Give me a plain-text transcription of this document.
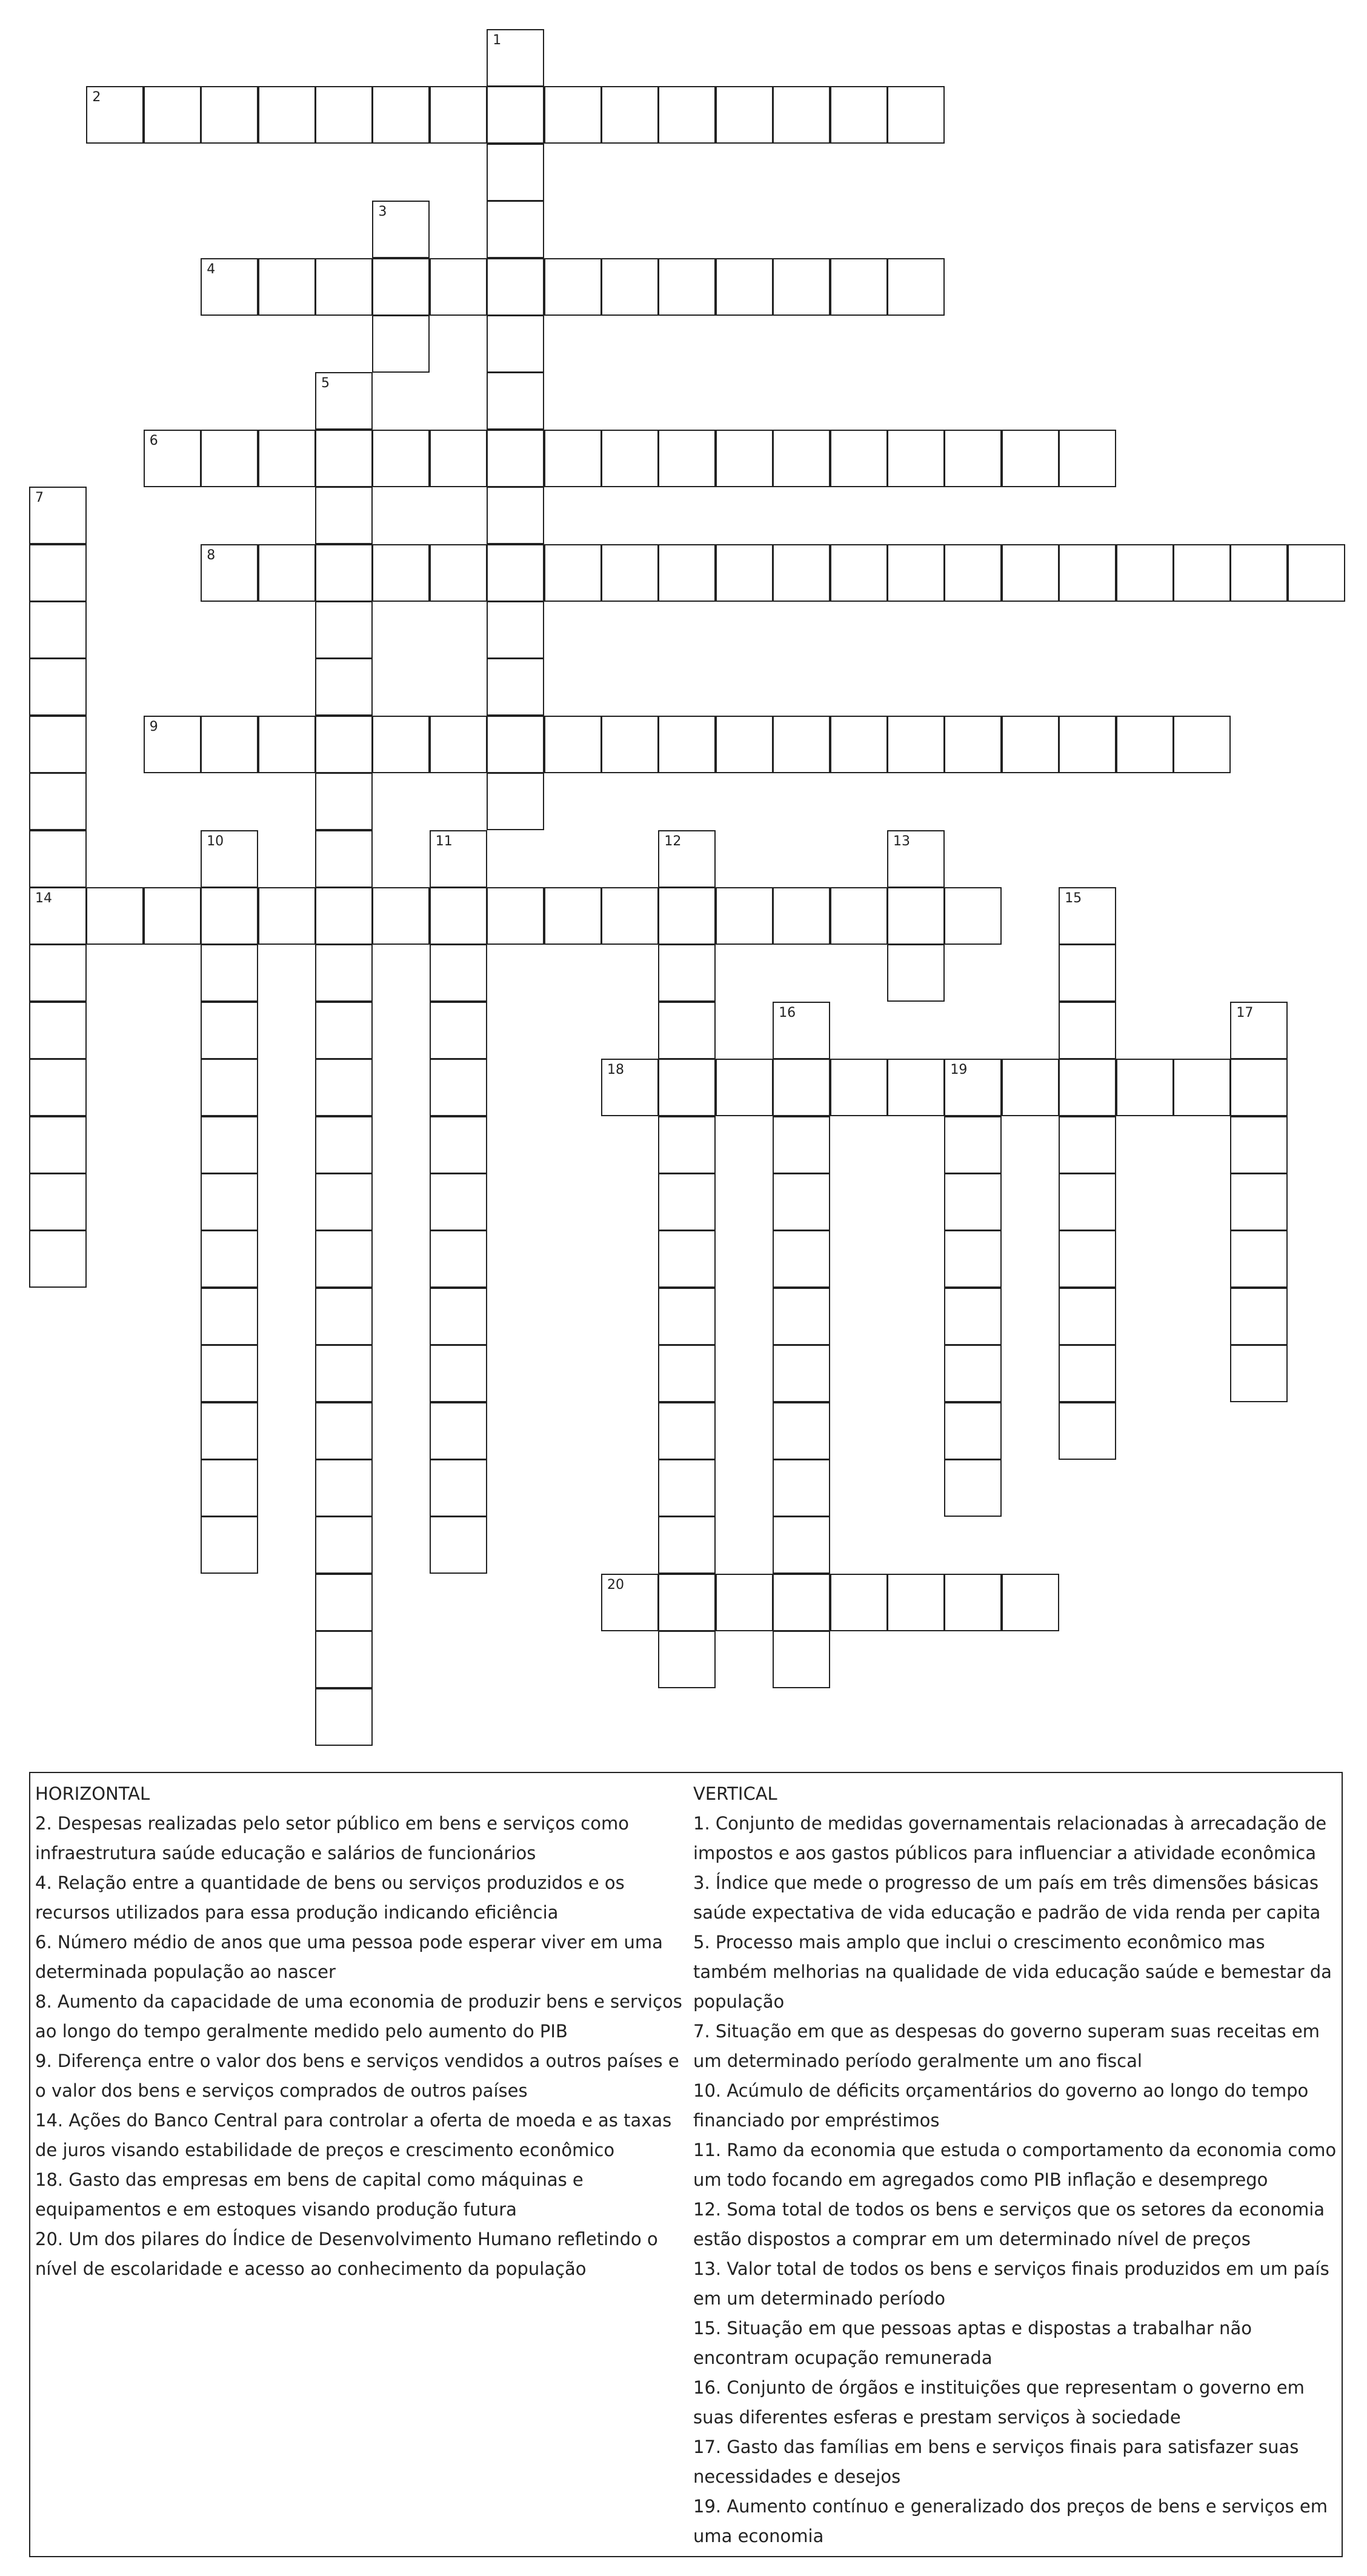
2
4
6
8
9
14
18	19
20
1
3
5
7
10	11	12	13
15
16	17

HORIZONTAL

2. Despesas realizadas pelo setor público em bens e serviços como infraestrutura saúde educação e salários de funcionários

4. Relação entre a quantidade de bens ou serviços produzidos e os recursos utilizados para essa produção indicando eficiência

6. Número médio de anos que uma pessoa pode esperar viver em uma determinada população ao nascer

8. Aumento da capacidade de uma economia de produzir bens e serviços ao longo do tempo geralmente medido pelo aumento do PIB

9. Diferença entre o valor dos bens e serviços vendidos a outros países e o valor dos bens e serviços comprados de outros países

14. Ações do Banco Central para controlar a oferta de moeda e as taxas de juros visando estabilidade de preços e crescimento econômico

18. Gasto das empresas em bens de capital como máquinas e equipamentos e em estoques visando produção futura

20. Um dos pilares do Índice de Desenvolvimento Humano refletindo o nível de escolaridade e acesso ao conhecimento da população

VERTICAL

1. Conjunto de medidas governamentais relacionadas à arrecadação de impostos e aos gastos públicos para influenciar a atividade econômica

3. Índice que mede o progresso de um país em três dimensões básicas saúde expectativa de vida educação e padrão de vida renda per capita

5. Processo mais amplo que inclui o crescimento econômico mas também melhorias na qualidade de vida educação saúde e bemestar da população

7. Situação em que as despesas do governo superam suas receitas em um determinado período geralmente um ano fiscal

10. Acúmulo de déficits orçamentários do governo ao longo do tempo financiado por empréstimos

11. Ramo da economia que estuda o comportamento da economia como um todo focando em agregados como PIB inflação e desemprego

12. Soma total de todos os bens e serviços que os setores da economia estão dispostos a comprar em um determinado nível de preços

13. Valor total de todos os bens e serviços finais produzidos em um país em um determinado período

15. Situação em que pessoas aptas e dispostas a trabalhar não encontram ocupação remunerada

16. Conjunto de órgãos e instituições que representam o governo em suas diferentes esferas e prestam serviços à sociedade

17. Gasto das famílias em bens e serviços finais para satisfazer suas necessidades e desejos

19. Aumento contínuo e generalizado dos preços de bens e serviços em uma economia
